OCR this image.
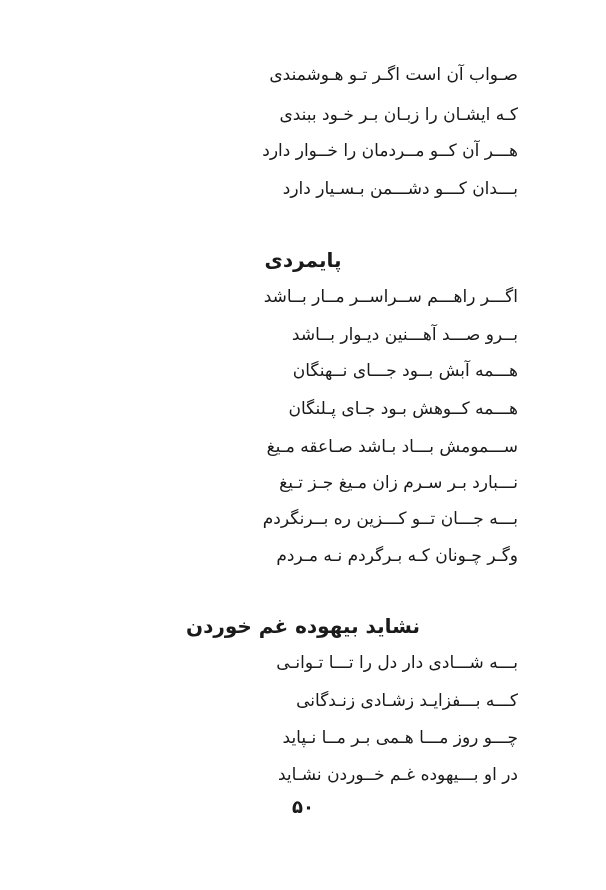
صـواب آن است اگـر تـو هـوشمندی
کـه ایشـان را زبـان بـر خـود ببندی
هـــر آن کــو مــردمان را خــوار دارد
بـــدان کـــو دشـــمن بـسـیار دارد
پایمردی
اگـــر راهـــم ســراســر مــار بــاشد
بــرو صـــد آهـــنین دیـوار بــاشد
هـــمه آبش بــود جـــای نــهنگان
هـــمه کــوهش بـود جـای پـلنگان
ســـمومش بـــاد بـاشد صـاعقه مـیغ
نـــبارد بـر سـرم زان مـیغ جـز تـیغ
بـــه جـــان تــو کـــزین ره بــرنگردم
وگـر چـونان کـه بـرگردم نـه مـردم
نشاید بیهوده غم خوردن
بـــه شـــادی دار دل را تـــا تـوانـی
کـــه بـــفزایـد زشـادی زنـدگانی
چـــو روز مـــا هـمی بـر مــا نـپاید
در او بـــیهوده غـم خــوردن نشـاید
۵۰
